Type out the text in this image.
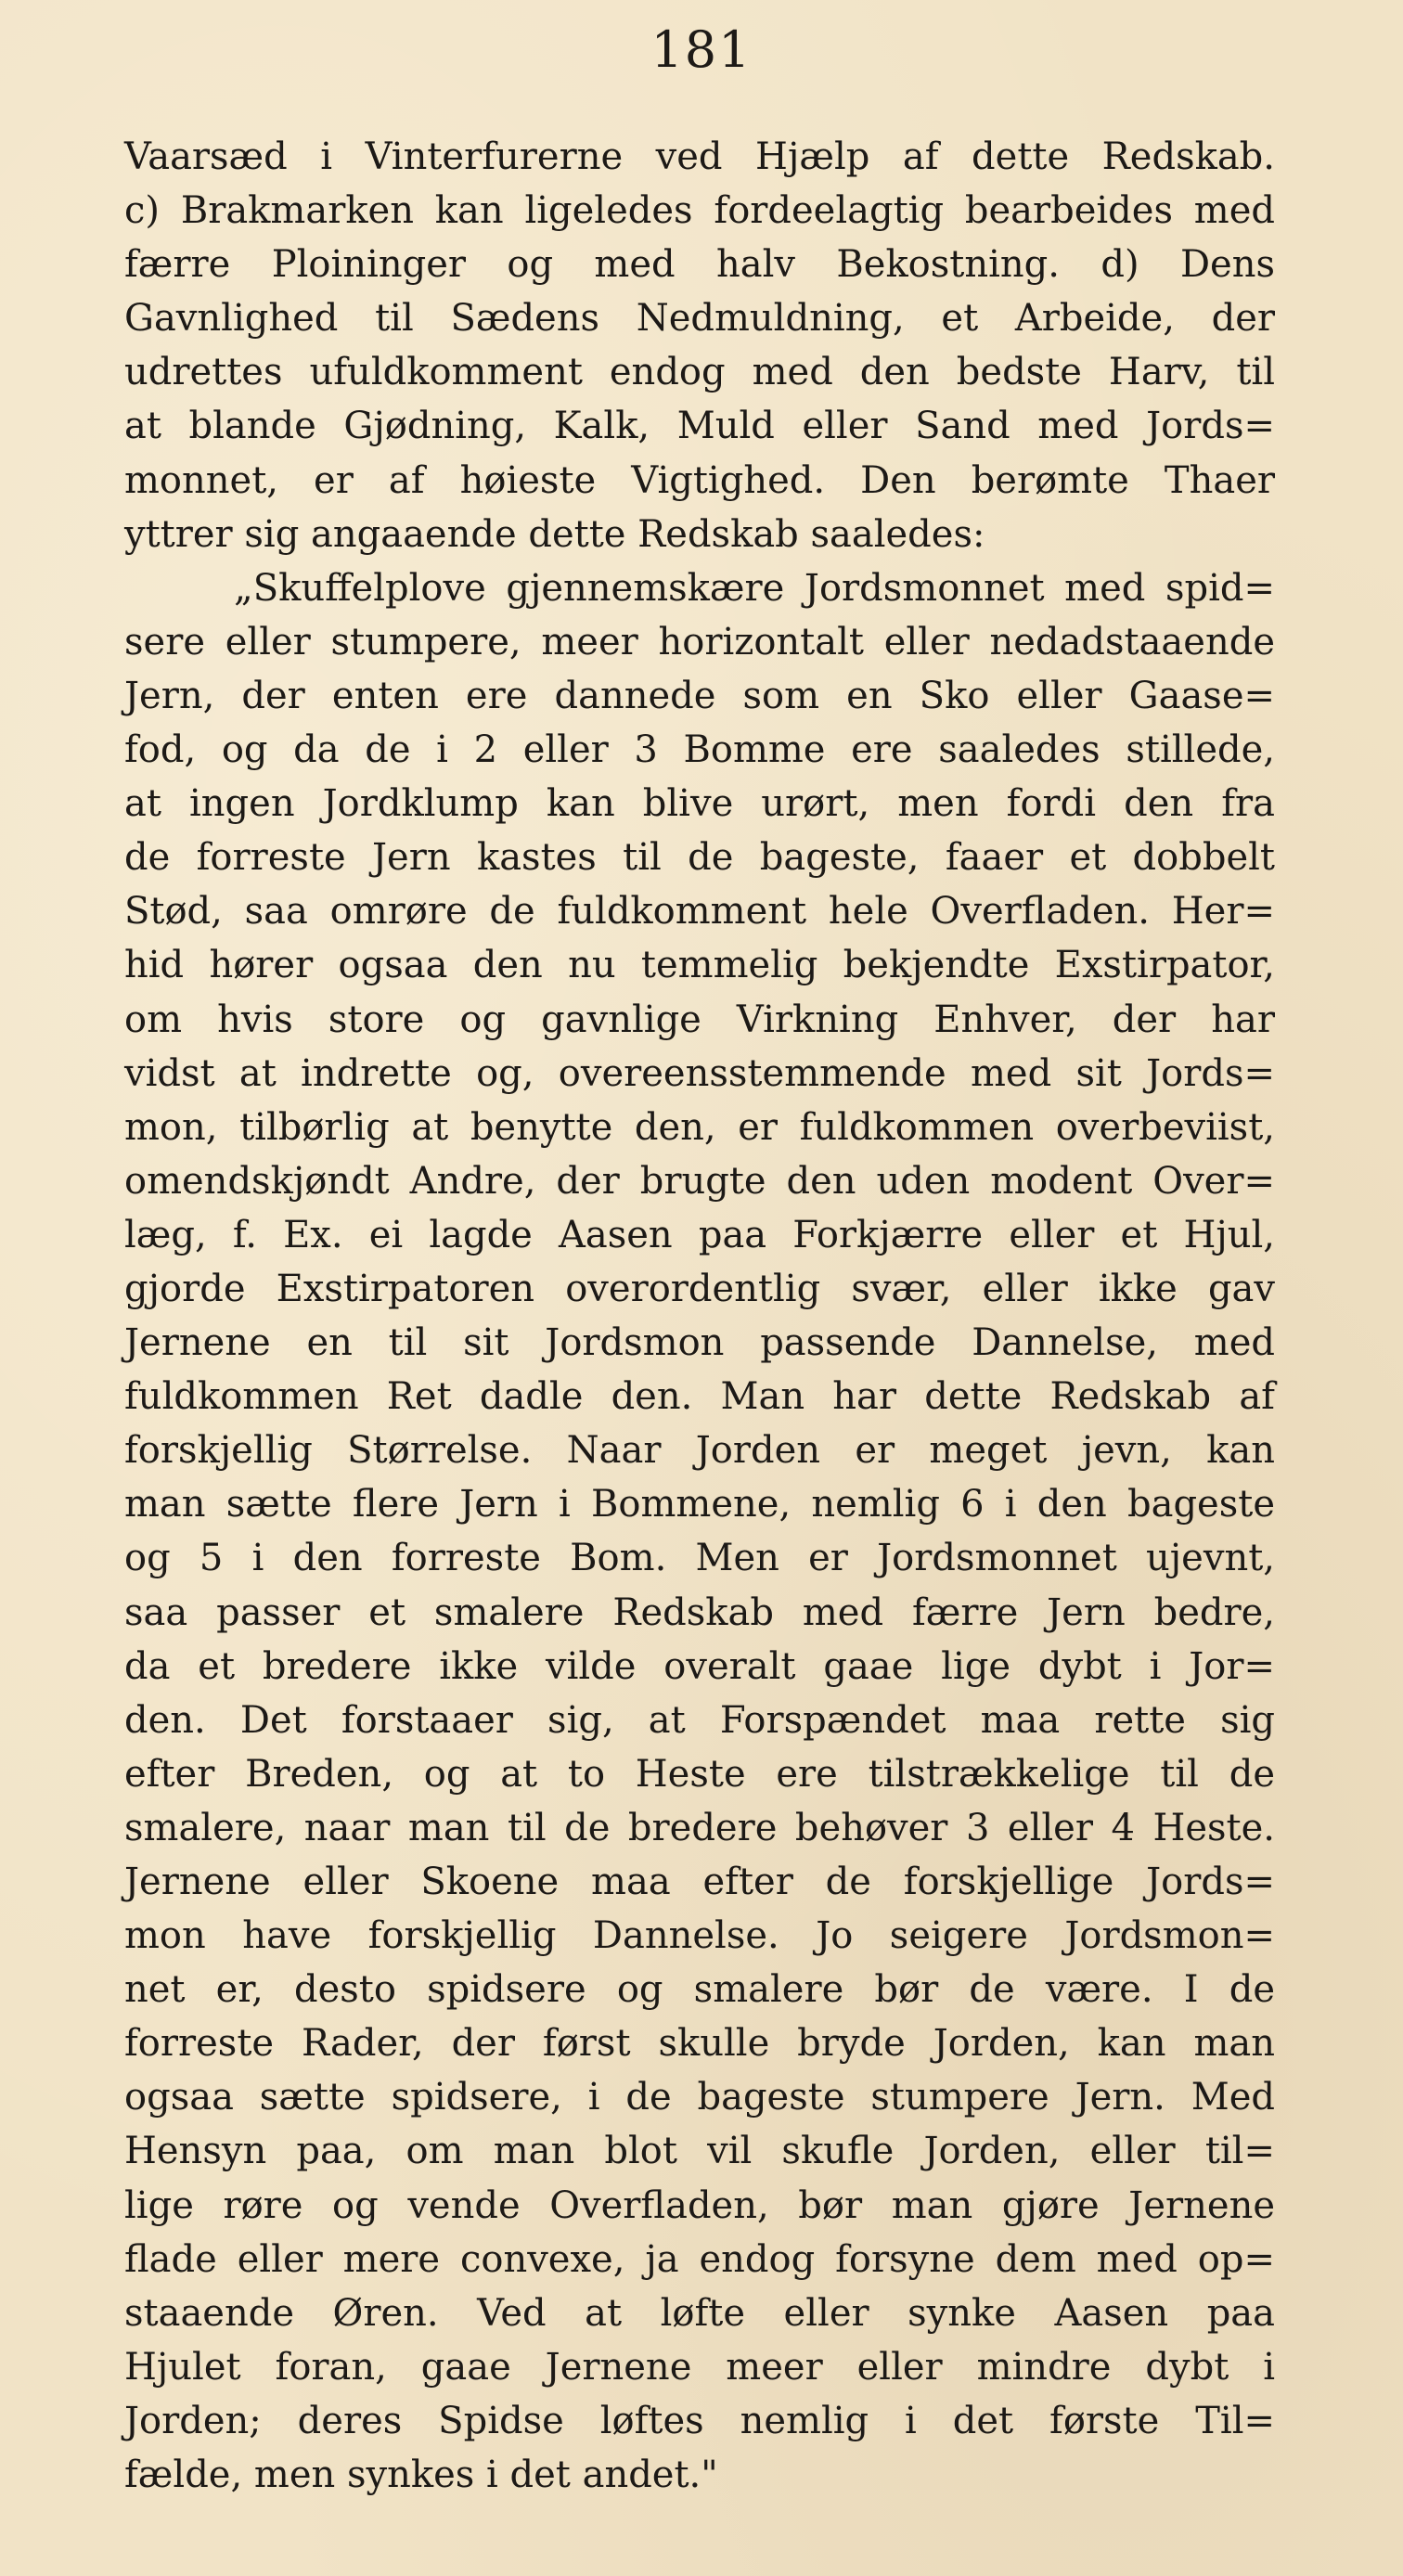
181
Vaarsæd i Vinterfurerne ved Hjælp af dette Redskab.
c) Brakmarken kan ligeledes fordeelagtig bearbeides med
færre Ploininger og med halv Bekostning. d) Dens
Gavnlighed til Sædens Nedmuldning, et Arbeide, der
udrettes ufuldkomment endog med den bedste Harv, til
at blande Gjødning, Kalk, Muld eller Sand med Jords=
monnet, er af høieste Vigtighed. Den berømte Thaer
yttrer sig angaaende dette Redskab saaledes:
„Skuffelplove gjennemskære Jordsmonnet med spid=
sere eller stumpere, meer horizontalt eller nedadstaaende
Jern, der enten ere dannede som en Sko eller Gaase=
fod, og da de i 2 eller 3 Bomme ere saaledes stillede,
at ingen Jordklump kan blive urørt, men fordi den fra
de forreste Jern kastes til de bageste, faaer et dobbelt
Stød, saa omrøre de fuldkomment hele Overfladen. Her=
hid hører ogsaa den nu temmelig bekjendte Exstirpator,
om hvis store og gavnlige Virkning Enhver, der har
vidst at indrette og, overeensstemmende med sit Jords=
mon, tilbørlig at benytte den, er fuldkommen overbeviist,
omendskjøndt Andre, der brugte den uden modent Over=
læg, f. Ex. ei lagde Aasen paa Forkjærre eller et Hjul,
gjorde Exstirpatoren overordentlig svær, eller ikke gav
Jernene en til sit Jordsmon passende Dannelse, med
fuldkommen Ret dadle den. Man har dette Redskab af
forskjellig Størrelse. Naar Jorden er meget jevn, kan
man sætte flere Jern i Bommene, nemlig 6 i den bageste
og 5 i den forreste Bom. Men er Jordsmonnet ujevnt,
saa passer et smalere Redskab med færre Jern bedre,
da et bredere ikke vilde overalt gaae lige dybt i Jor=
den. Det forstaaer sig, at Forspændet maa rette sig
efter Breden, og at to Heste ere tilstrækkelige til de
smalere, naar man til de bredere behøver 3 eller 4 Heste.
Jernene eller Skoene maa efter de forskjellige Jords=
mon have forskjellig Dannelse. Jo seigere Jordsmon=
net er, desto spidsere og smalere bør de være. I de
forreste Rader, der først skulle bryde Jorden, kan man
ogsaa sætte spidsere, i de bageste stumpere Jern. Med
Hensyn paa, om man blot vil skufle Jorden, eller til=
lige røre og vende Overfladen, bør man gjøre Jernene
flade eller mere convexe, ja endog forsyne dem med op=
staaende Øren. Ved at løfte eller synke Aasen paa
Hjulet foran, gaae Jernene meer eller mindre dybt i
Jorden; deres Spidse løftes nemlig i det første Til=
fælde, men synkes i det andet."
